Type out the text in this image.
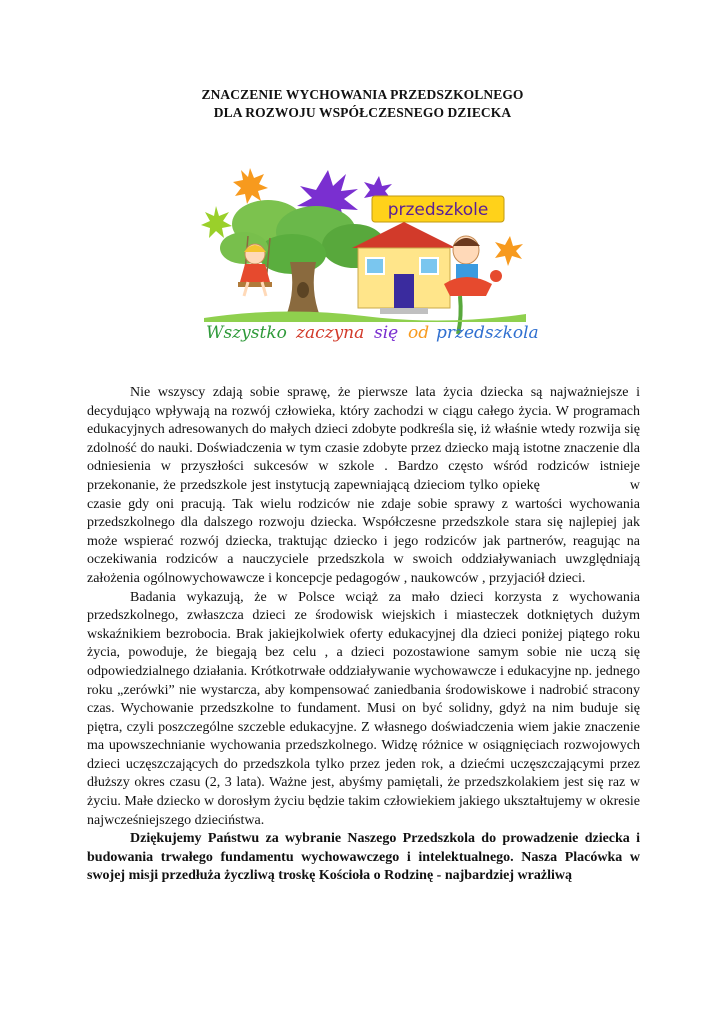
ZNACZENIE WYCHOWANIA PRZEDSZKOLNEGO
DLA ROZWOJU WSPÓŁCZESNEGO DZIECKA
przedszkole
Wszystko zaczyna się od przedszkola

Nie wszyscy zdają sobie sprawę, że pierwsze lata życia dziecka są najważniejsze i decydująco wpływają na rozwój człowieka, który zachodzi w ciągu całego życia. W programach edukacyjnych adresowanych do małych dzieci zdobyte podkreśla się, iż właśnie wtedy rozwija się zdolność do nauki. Doświadczenia w tym czasie zdobyte przez dziecko mają istotne znaczenie dla odniesienia w przyszłości sukcesów w szkole . Bardzo często wśród rodziców istnieje przekonanie, że przedszkole jest instytucją zapewniającą dzieciom tylko opiekę	w czasie gdy oni pracują. Tak wielu rodziców nie zdaje sobie sprawy z wartości wychowania przedszkolnego dla dalszego rozwoju dziecka. Współczesne przedszkole stara się najlepiej jak może wspierać rozwój dziecka, traktując dziecko i jego rodziców jak partnerów, reagując na oczekiwania rodziców a nauczyciele przedszkola w swoich oddziaływaniach uwzględniają założenia ogólnowychowawcze i koncepcje pedagogów , naukowców , przyjaciół dzieci.

Badania wykazują, że w Polsce wciąż za mało dzieci korzysta z wychowania przedszkolnego, zwłaszcza dzieci ze środowisk wiejskich i miasteczek dotkniętych dużym wskaźnikiem bezrobocia. Brak jakiejkolwiek oferty edukacyjnej dla dzieci poniżej piątego roku życia, powoduje, że biegają bez celu , a dzieci pozostawione samym sobie nie uczą się odpowiedzialnego działania. Krótkotrwałe oddziaływanie wychowawcze i edukacyjne np. jednego roku „zerówki” nie wystarcza, aby kompensować zaniedbania środowiskowe i nadrobić stracony czas. Wychowanie przedszkolne to fundament. Musi on być solidny, gdyż na nim buduje się piętra, czyli poszczególne szczeble edukacyjne. Z własnego doświadczenia wiem jakie znaczenie ma upowszechnianie wychowania przedszkolnego. Widzę różnice w osiągnięciach rozwojowych dzieci uczęszczających do przedszkola tylko przez jeden rok, a dziećmi uczęszczającymi przez dłuższy okres czasu (2, 3 lata). Ważne jest, abyśmy pamiętali, że przedszkolakiem jest się raz w życiu. Małe dziecko w dorosłym życiu będzie takim człowiekiem jakiego ukształtujemy w okresie najwcześniejszego dzieciństwa.

Dziękujemy Państwu za wybranie Naszego Przedszkola do prowadzenie dziecka i budowania trwałego fundamentu wychowawczego i intelektualnego. Nasza Placówka w swojej misji przedłuża życzliwą troskę Kościoła o Rodzinę - najbardziej wrażliwą
